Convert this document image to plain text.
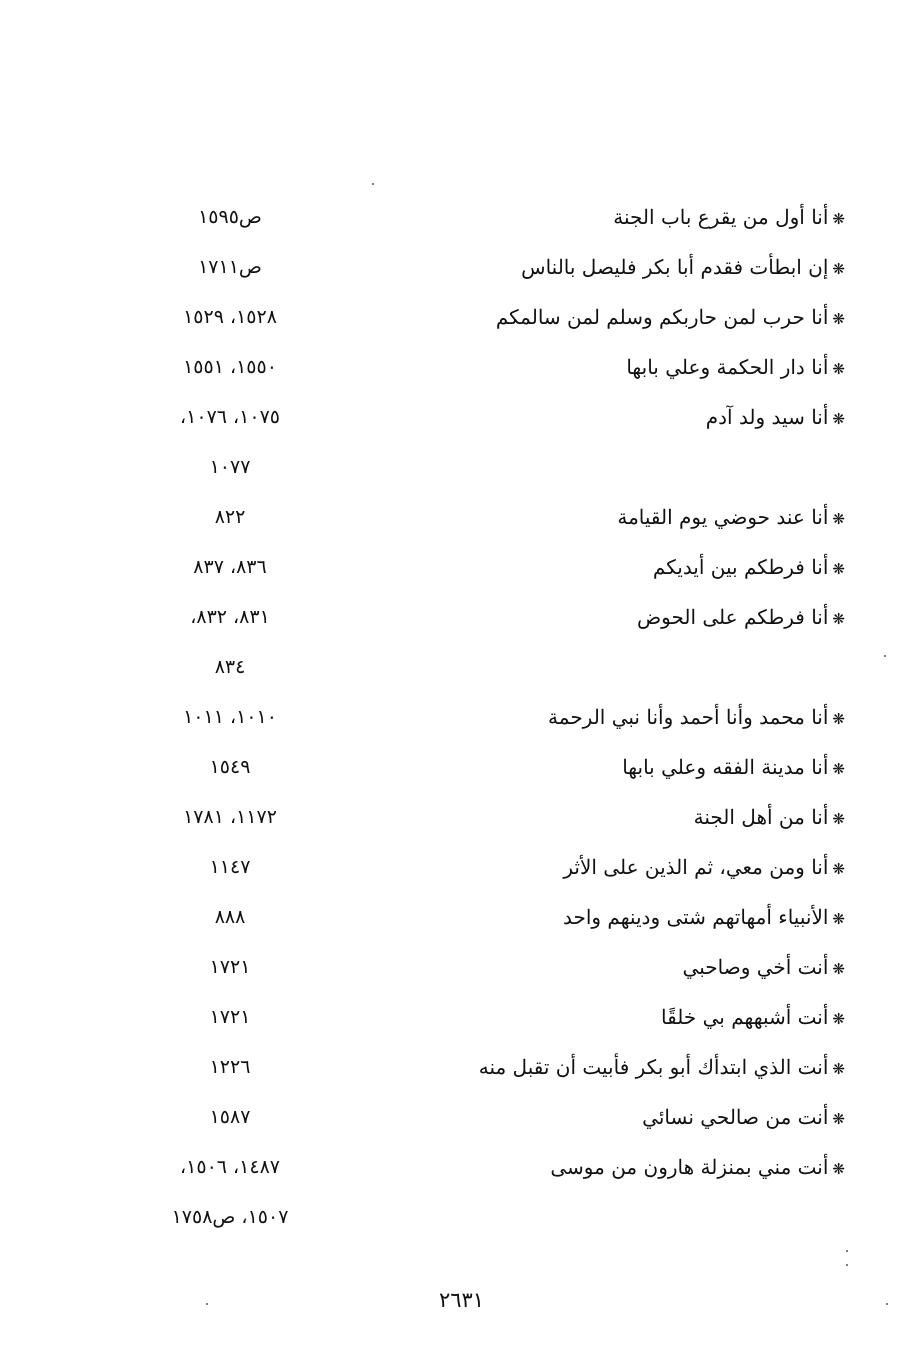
❋أنا أول من يقرع باب الجنة
ص١٥٩٥
❋إن ابطأت فقدم أبا بكر فليصل بالناس
ص١٧١١
❋أنا حرب لمن حاربكم وسلم لمن سالمكم
١٥٢٨، ١٥٢٩
❋أنا دار الحكمة وعلي بابها
١٥٥٠، ١٥٥١
❋أنا سيد ولد آدم
١٠٧٥، ١٠٧٦،
١٠٧٧
❋أنا عند حوضي يوم القيامة
٨٢٢
❋أنا فرطكم بين أيديكم
٨٣٦، ٨٣٧
❋أنا فرطكم على الحوض
٨٣١، ٨٣٢،
٨٣٤
❋أنا محمد وأنا أحمد وأنا نبي الرحمة
١٠١٠، ١٠١١
❋أنا مدينة الفقه وعلي بابها
١٥٤٩
❋أنا من أهل الجنة
١١٧٢، ١٧٨١
❋أنا ومن معي، ثم الذين على الأثر
١١٤٧
❋الأنبياء أمهاتهم شتى ودينهم واحد
٨٨٨
❋أنت أخي وصاحبي
١٧٢١
❋أنت أشبههم بي خلقًا
١٧٢١
❋أنت الذي ابتدأك أبو بكر فأبيت أن تقبل منه
١٢٢٦
❋أنت من صالحي نسائي
١٥٨٧
❋أنت مني بمنزلة هارون من موسى
١٤٨٧، ١٥٠٦،
١٥٠٧، ص١٧٥٨
٢٦٣١
